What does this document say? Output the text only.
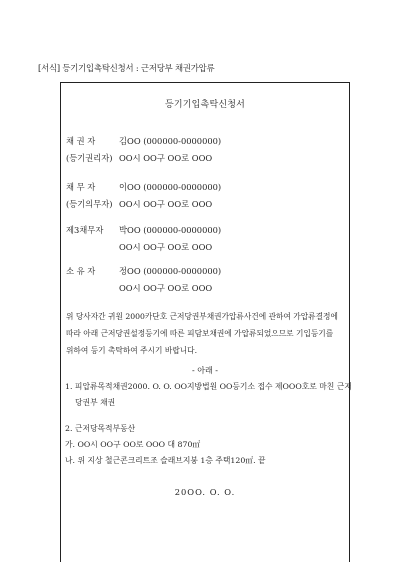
[서식] 등기기입촉탁신청서 : 근저당부 채권가압류
등기기입촉탁신청서
채 권 자	김OO (000000-0000000)
(등기권리자) OO시 OO구 OO로 OOO
채 무 자	이OO (000000-0000000)
(등기의무자) OO시 OO구 OO로 OOO
제3채무자	박OO (000000-0000000)
OO시 OO구 OO로 OOO
소 유 자	정OO (000000-0000000)
OO시 OO구 OO로 OOO
위 당사자간 귀원 2000카단호 근저당권부채권가압류사건에 관하여 가압류결정에 따라 아래 근저당권설정등기에 따른 피담보채권에 가압류되었으므로 기입등기를 위하여 등기 촉탁하여 주시기 바랍니다.
- 아래 -
1. 피압류목적채권2000. O. O. OO지방법원 OO등기소 접수 제OOO호로 마친 근저
당권부 채권
2. 근저당목적부동산
가. OO시 OO구 OO로 OOO 대 870㎡
나. 위 지상 철근콘크리트조 슬래브지붕 1층 주택120㎡. 끝
20OO. O. O.
